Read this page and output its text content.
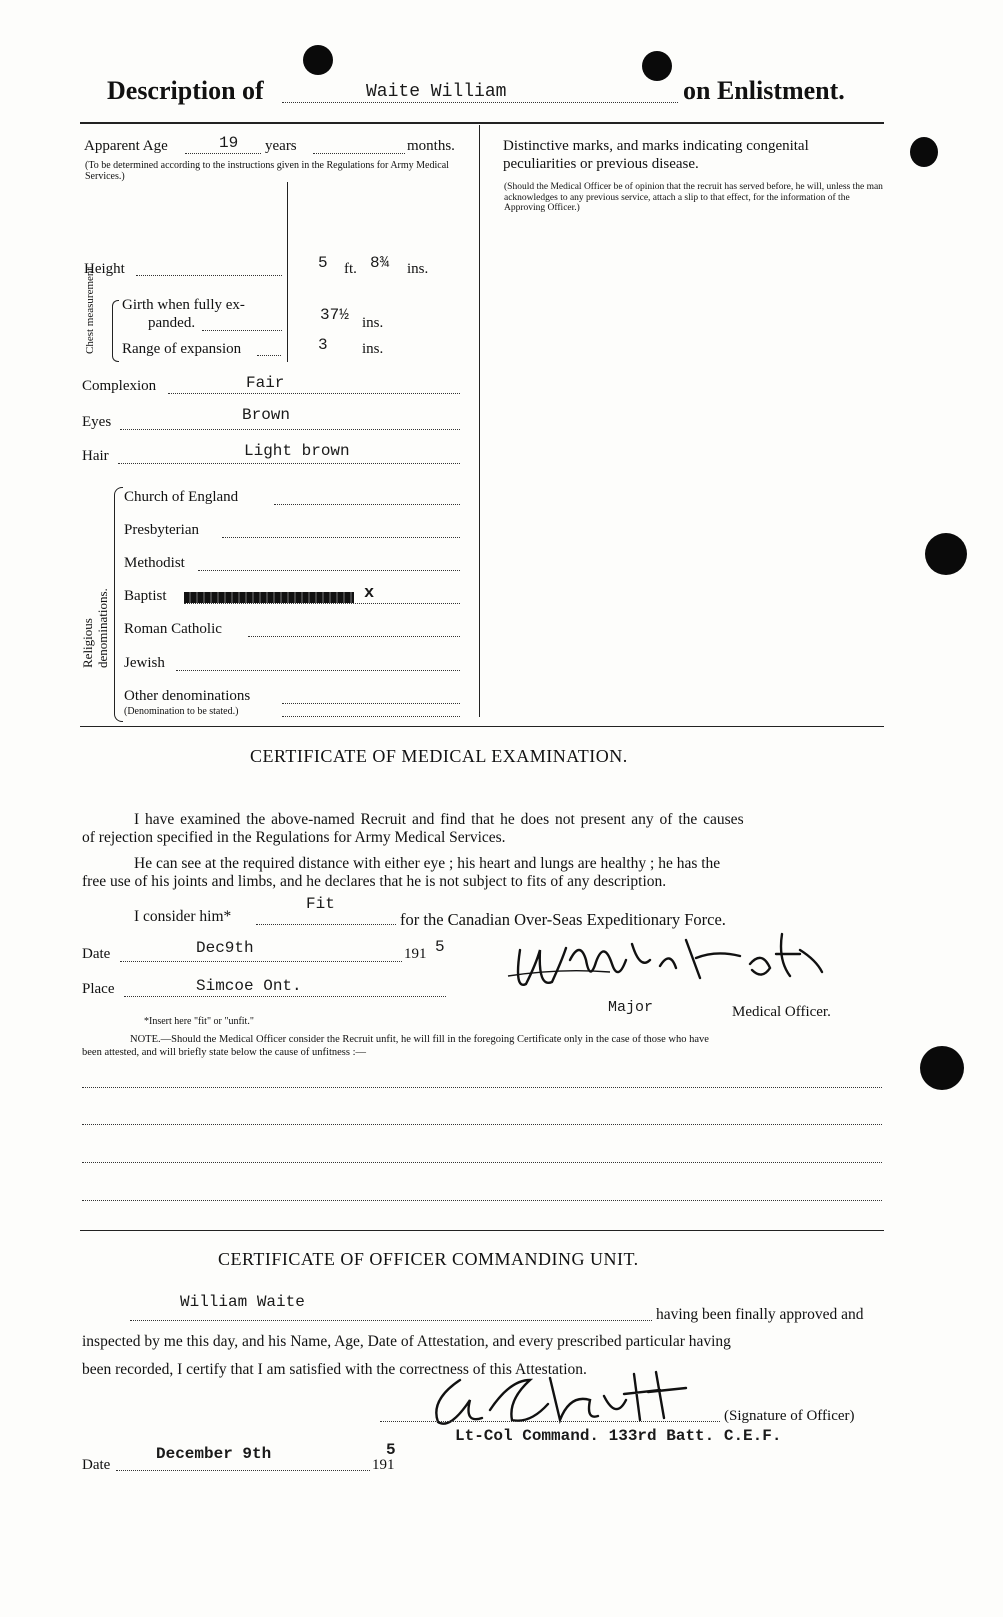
Description of	Waite William	on Enlistment.
Apparent Age	19 years	months.
(To be determined according to the instructions given in the Regulations for Army Medical Services.)
Height	5 ft. 8¾ ins.
Chest measurement. Girth when fully ex-
panded.	37½ ins.
Range of expansion	3 ins.
Complexion	Fair
Eyes	Brown
Hair	Light brown
Religious denominations.
Church of England
Presbyterian
Methodist
Baptist	x
Roman Catholic
Jewish
Other denominations
(Denomination to be stated.)
Distinctive marks, and marks indicating congenital
peculiarities or previous disease.
(Should the Medical Officer be of opinion that the recruit has served before, he will, unless the man acknowledges to any previous service, attach a slip to that effect, for the information of the Approving Officer.)
CERTIFICATE OF MEDICAL EXAMINATION.
I have examined the above-named Recruit and find that he does not present any of the causes
of rejection specified in the Regulations for Army Medical Services.
He can see at the required distance with either eye ; his heart and lungs are healthy ; he has the
free use of his joints and limbs, and he declares that he is not subject to fits of any description.
I consider him*
Fit
for the Canadian Over-Seas Expeditionary Force.
Date	Dec9th	191 5
Place	Simcoe Ont.
Major	Medical Officer.
*Insert here "fit" or "unfit."
NOTE.—Should the Medical Officer consider the Recruit unfit, he will fill in the foregoing Certificate only in the case of those who have
been attested, and will briefly state below the cause of unfitness :—
CERTIFICATE OF OFFICER COMMANDING UNIT.
William Waite
having been finally approved and
inspected by me this day, and his Name, Age, Date of Attestation, and every prescribed particular having
been recorded, I certify that I am satisfied with the correctness of this Attestation.
(Signature of Officer)
Lt-Col Command. 133rd Batt. C.E.F.
Date
December 9th
191
5
